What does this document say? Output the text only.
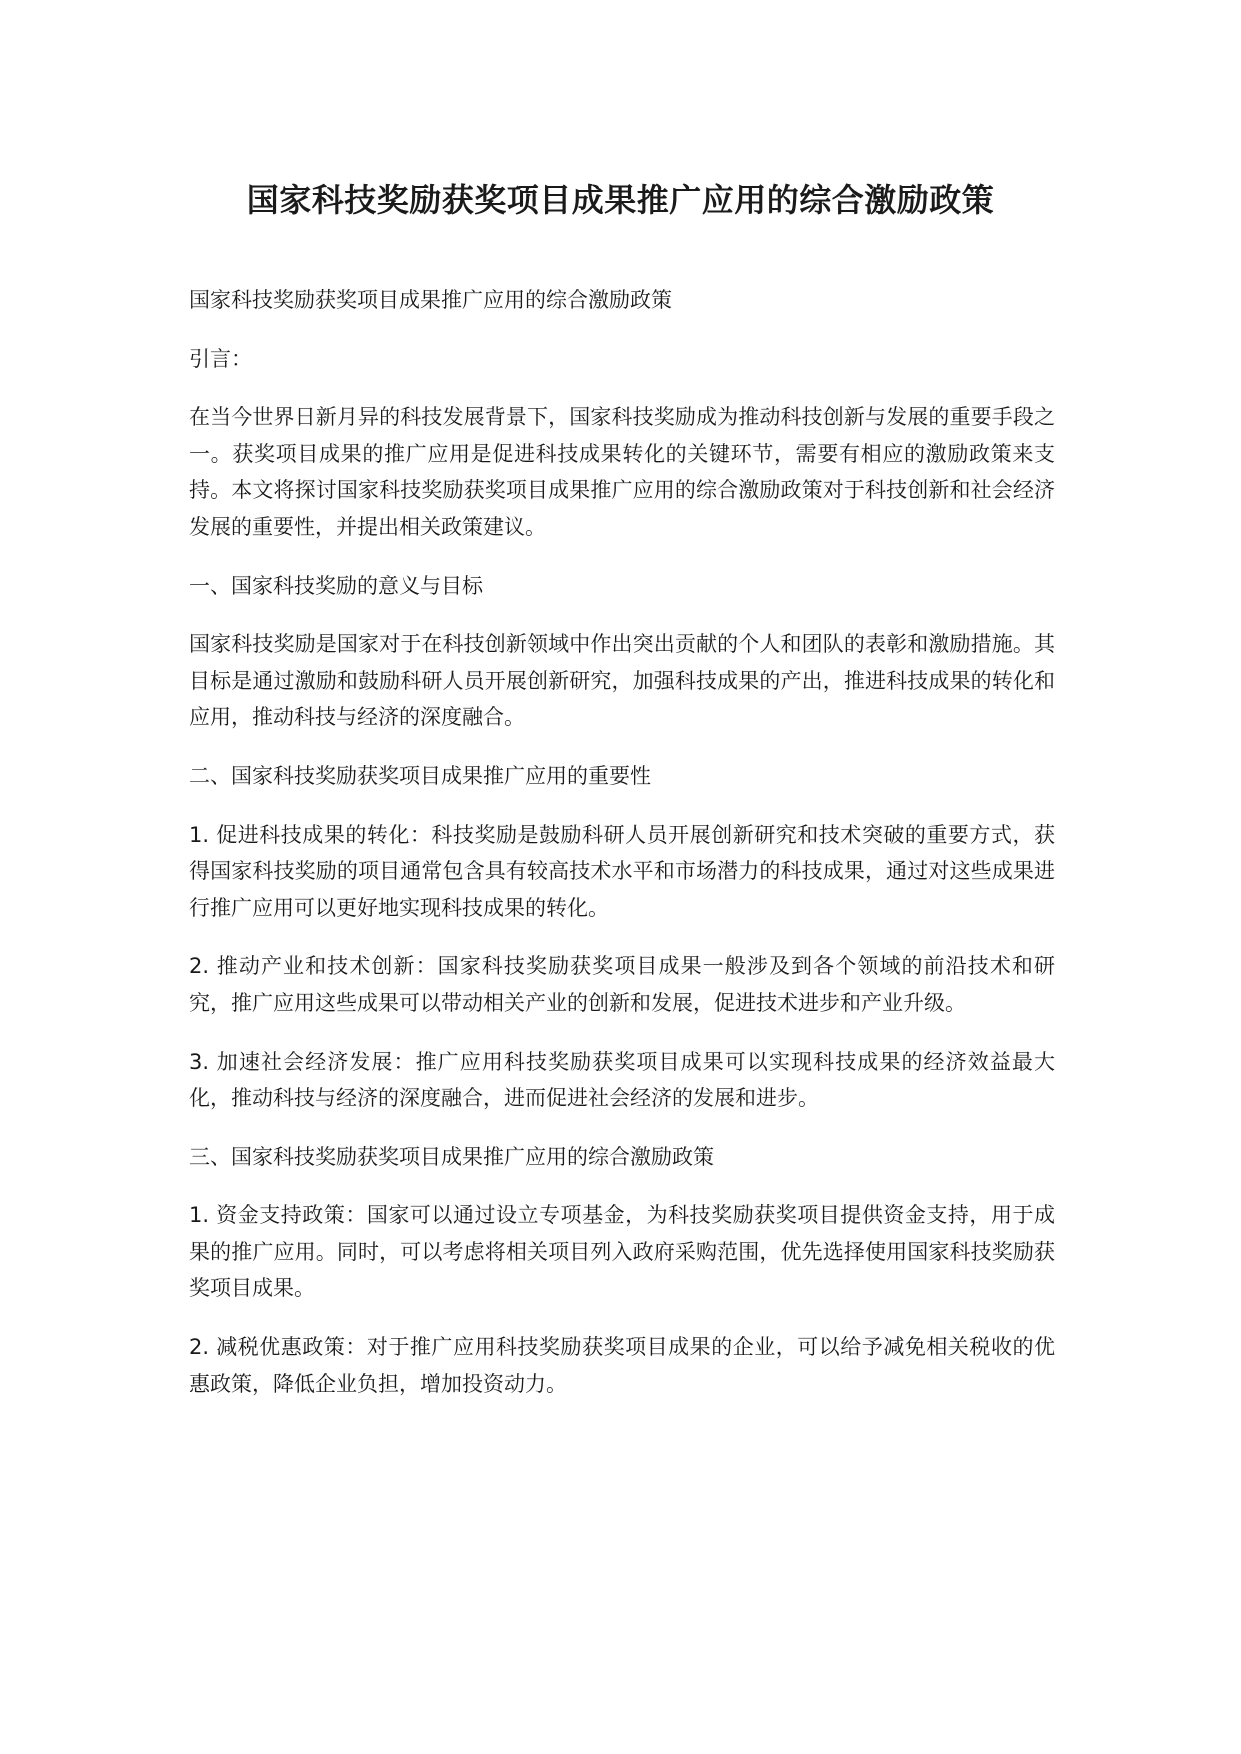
国家科技奖励获奖项目成果推广应用的综合激励政策

国家科技奖励获奖项目成果推广应用的综合激励政策

引言：

在当今世界日新月异的科技发展背景下，国家科技奖励成为推动科技创新与发展的重要手段之一。获奖项目成果的推广应用是促进科技成果转化的关键环节，需要有相应的激励政策来支持。本文将探讨国家科技奖励获奖项目成果推广应用的综合激励政策对于科技创新和社会经济发展的重要性，并提出相关政策建议。

一、国家科技奖励的意义与目标

国家科技奖励是国家对于在科技创新领域中作出突出贡献的个人和团队的表彰和激励措施。其目标是通过激励和鼓励科研人员开展创新研究，加强科技成果的产出，推进科技成果的转化和应用，推动科技与经济的深度融合。

二、国家科技奖励获奖项目成果推广应用的重要性

1. 促进科技成果的转化：科技奖励是鼓励科研人员开展创新研究和技术突破的重要方式，获得国家科技奖励的项目通常包含具有较高技术水平和市场潜力的科技成果，通过对这些成果进行推广应用可以更好地实现科技成果的转化。

2. 推动产业和技术创新：国家科技奖励获奖项目成果一般涉及到各个领域的前沿技术和研究，推广应用这些成果可以带动相关产业的创新和发展，促进技术进步和产业升级。

3. 加速社会经济发展：推广应用科技奖励获奖项目成果可以实现科技成果的经济效益最大化，推动科技与经济的深度融合，进而促进社会经济的发展和进步。

三、国家科技奖励获奖项目成果推广应用的综合激励政策

1. 资金支持政策：国家可以通过设立专项基金，为科技奖励获奖项目提供资金支持，用于成果的推广应用。同时，可以考虑将相关项目列入政府采购范围，优先选择使用国家科技奖励获奖项目成果。

2. 减税优惠政策：对于推广应用科技奖励获奖项目成果的企业，可以给予减免相关税收的优惠政策，降低企业负担，增加投资动力。
